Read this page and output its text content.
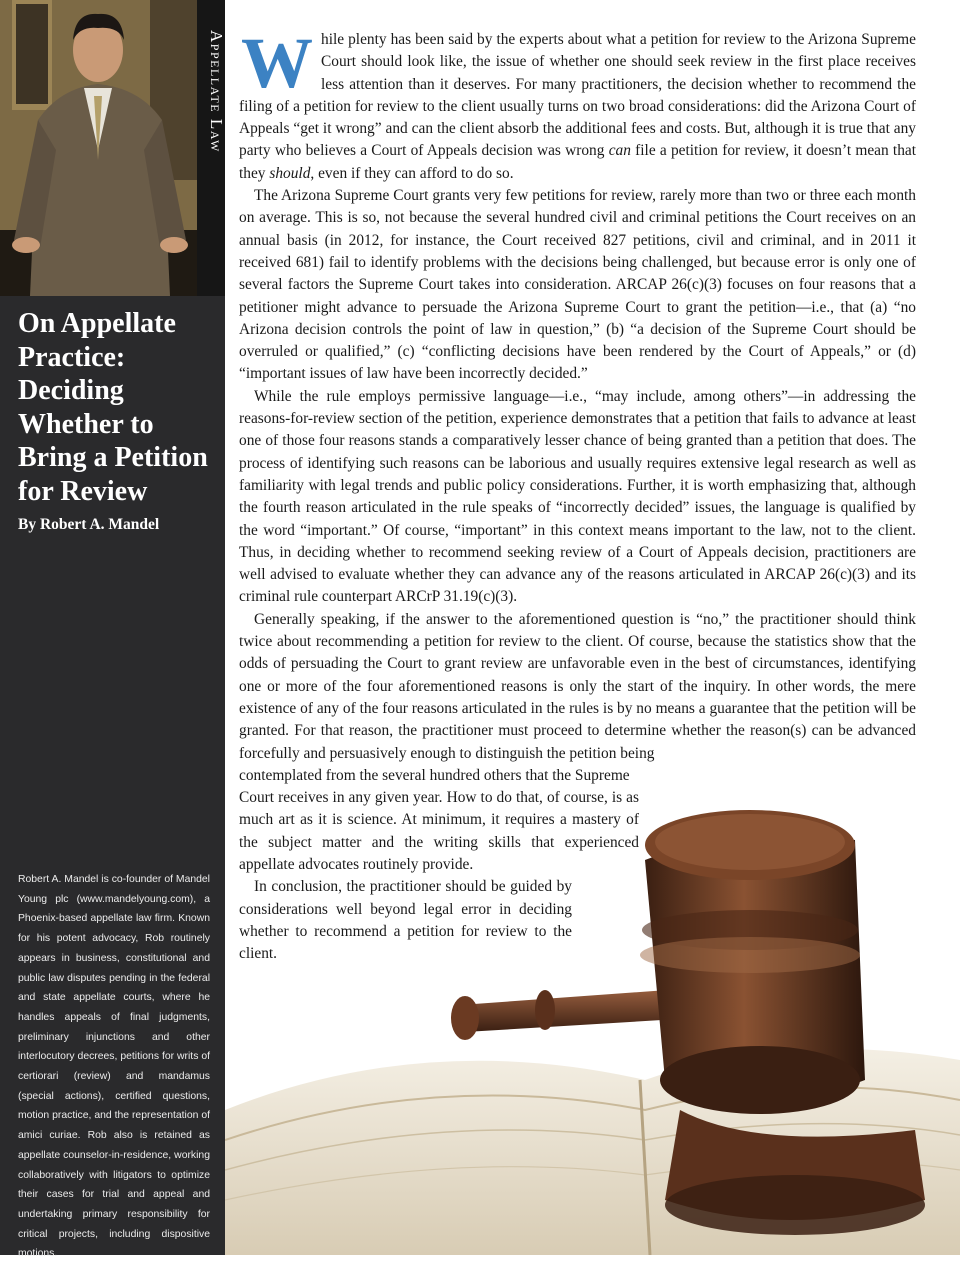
Appellate Law
On Appellate Practice: Deciding Whether to Bring a Petition for Review

By Robert A. Mandel

Robert A. Mandel is co-founder of Mandel Young plc (www.mandelyoung.com), a Phoenix-based appellate law firm. Known for his potent advocacy, Rob routinely appears in business, constitutional and public law disputes pending in the federal and state appellate courts, where he handles appeals of final judgments, preliminary injunctions and other interlocutory decrees, petitions for writs of certiorari (review) and mandamus (special actions), certified questions, motion practice, and the representation of amici curiae. Rob also is retained as appellate counselor-in-residence, working collaboratively with litigators to optimize their cases for trial and appeal and undertaking primary responsibility for critical projects, including dispositive motions.

While plenty has been said by the experts about what a petition for review to the Arizona Supreme Court should look like, the issue of whether one should seek review in the first place receives less attention than it deserves. For many practitioners, the decision whether to recommend the filing of a petition for review to the client usually turns on two broad considerations: did the Arizona Court of Appeals “get it wrong” and can the client absorb the additional fees and costs. But, although it is true that any party who believes a Court of Appeals decision was wrong can file a petition for review, it doesn’t mean that they should, even if they can afford to do so.

The Arizona Supreme Court grants very few petitions for review, rarely more than two or three each month on average. This is so, not because the several hundred civil and criminal petitions the Court receives on an annual basis (in 2012, for instance, the Court received 827 petitions, civil and criminal, and in 2011 it received 681) fail to identify problems with the decisions being challenged, but because error is only one of several factors the Supreme Court takes into consideration. ARCAP 26(c)(3) focuses on four reasons that a petitioner might advance to persuade the Arizona Supreme Court to grant the petition—i.e., that (a) “no Arizona decision controls the point of law in question,” (b) “a decision of the Supreme Court should be overruled or qualified,” (c) “conflicting decisions have been rendered by the Court of Appeals,” or (d) “important issues of law have been incorrectly decided.”

While the rule employs permissive language—i.e., “may include, among others”—in addressing the reasons-for-review section of the petition, experience demonstrates that a petition that fails to advance at least one of those four reasons stands a comparatively lesser chance of being granted than a petition that does. The process of identifying such reasons can be laborious and usually requires extensive legal research as well as familiarity with legal trends and public policy considerations. Further, it is worth emphasizing that, although the fourth reason articulated in the rule speaks of “incorrectly decided” issues, the language is qualified by the word “important.” Of course, “important” in this context means important to the law, not to the client. Thus, in deciding whether to recommend seeking review of a Court of Appeals decision, practitioners are well advised to evaluate whether they can advance any of the reasons articulated in ARCAP 26(c)(3) and its criminal rule counterpart ARCrP 31.19(c)(3).

Generally speaking, if the answer to the aforementioned question is “no,” the practitioner should think twice about recommending a petition for review to the client. Of course, because the statistics show that the odds of persuading the Court to grant review are unfavorable even in the best of circumstances, identifying one or more of the four aforementioned reasons is only the start of the inquiry. In other words, the mere existence of any of the four reasons articulated in the rules is by no means a guarantee that the petition will be granted. For that reason, the practitioner must proceed to determine whether the reason(s) can be advanced forcefully and persuasively enough to distinguish the petition being

contemplated from the several hundred others that the Supreme

Court receives in any given year. How to do that, of course, is as much art as it is science. At minimum, it requires a mastery of the subject matter and the writing skills that experienced appellate advocates routinely provide.

In conclusion, the practitioner should be guided by considerations well beyond legal error in deciding whether to recommend a petition for review to the client.
